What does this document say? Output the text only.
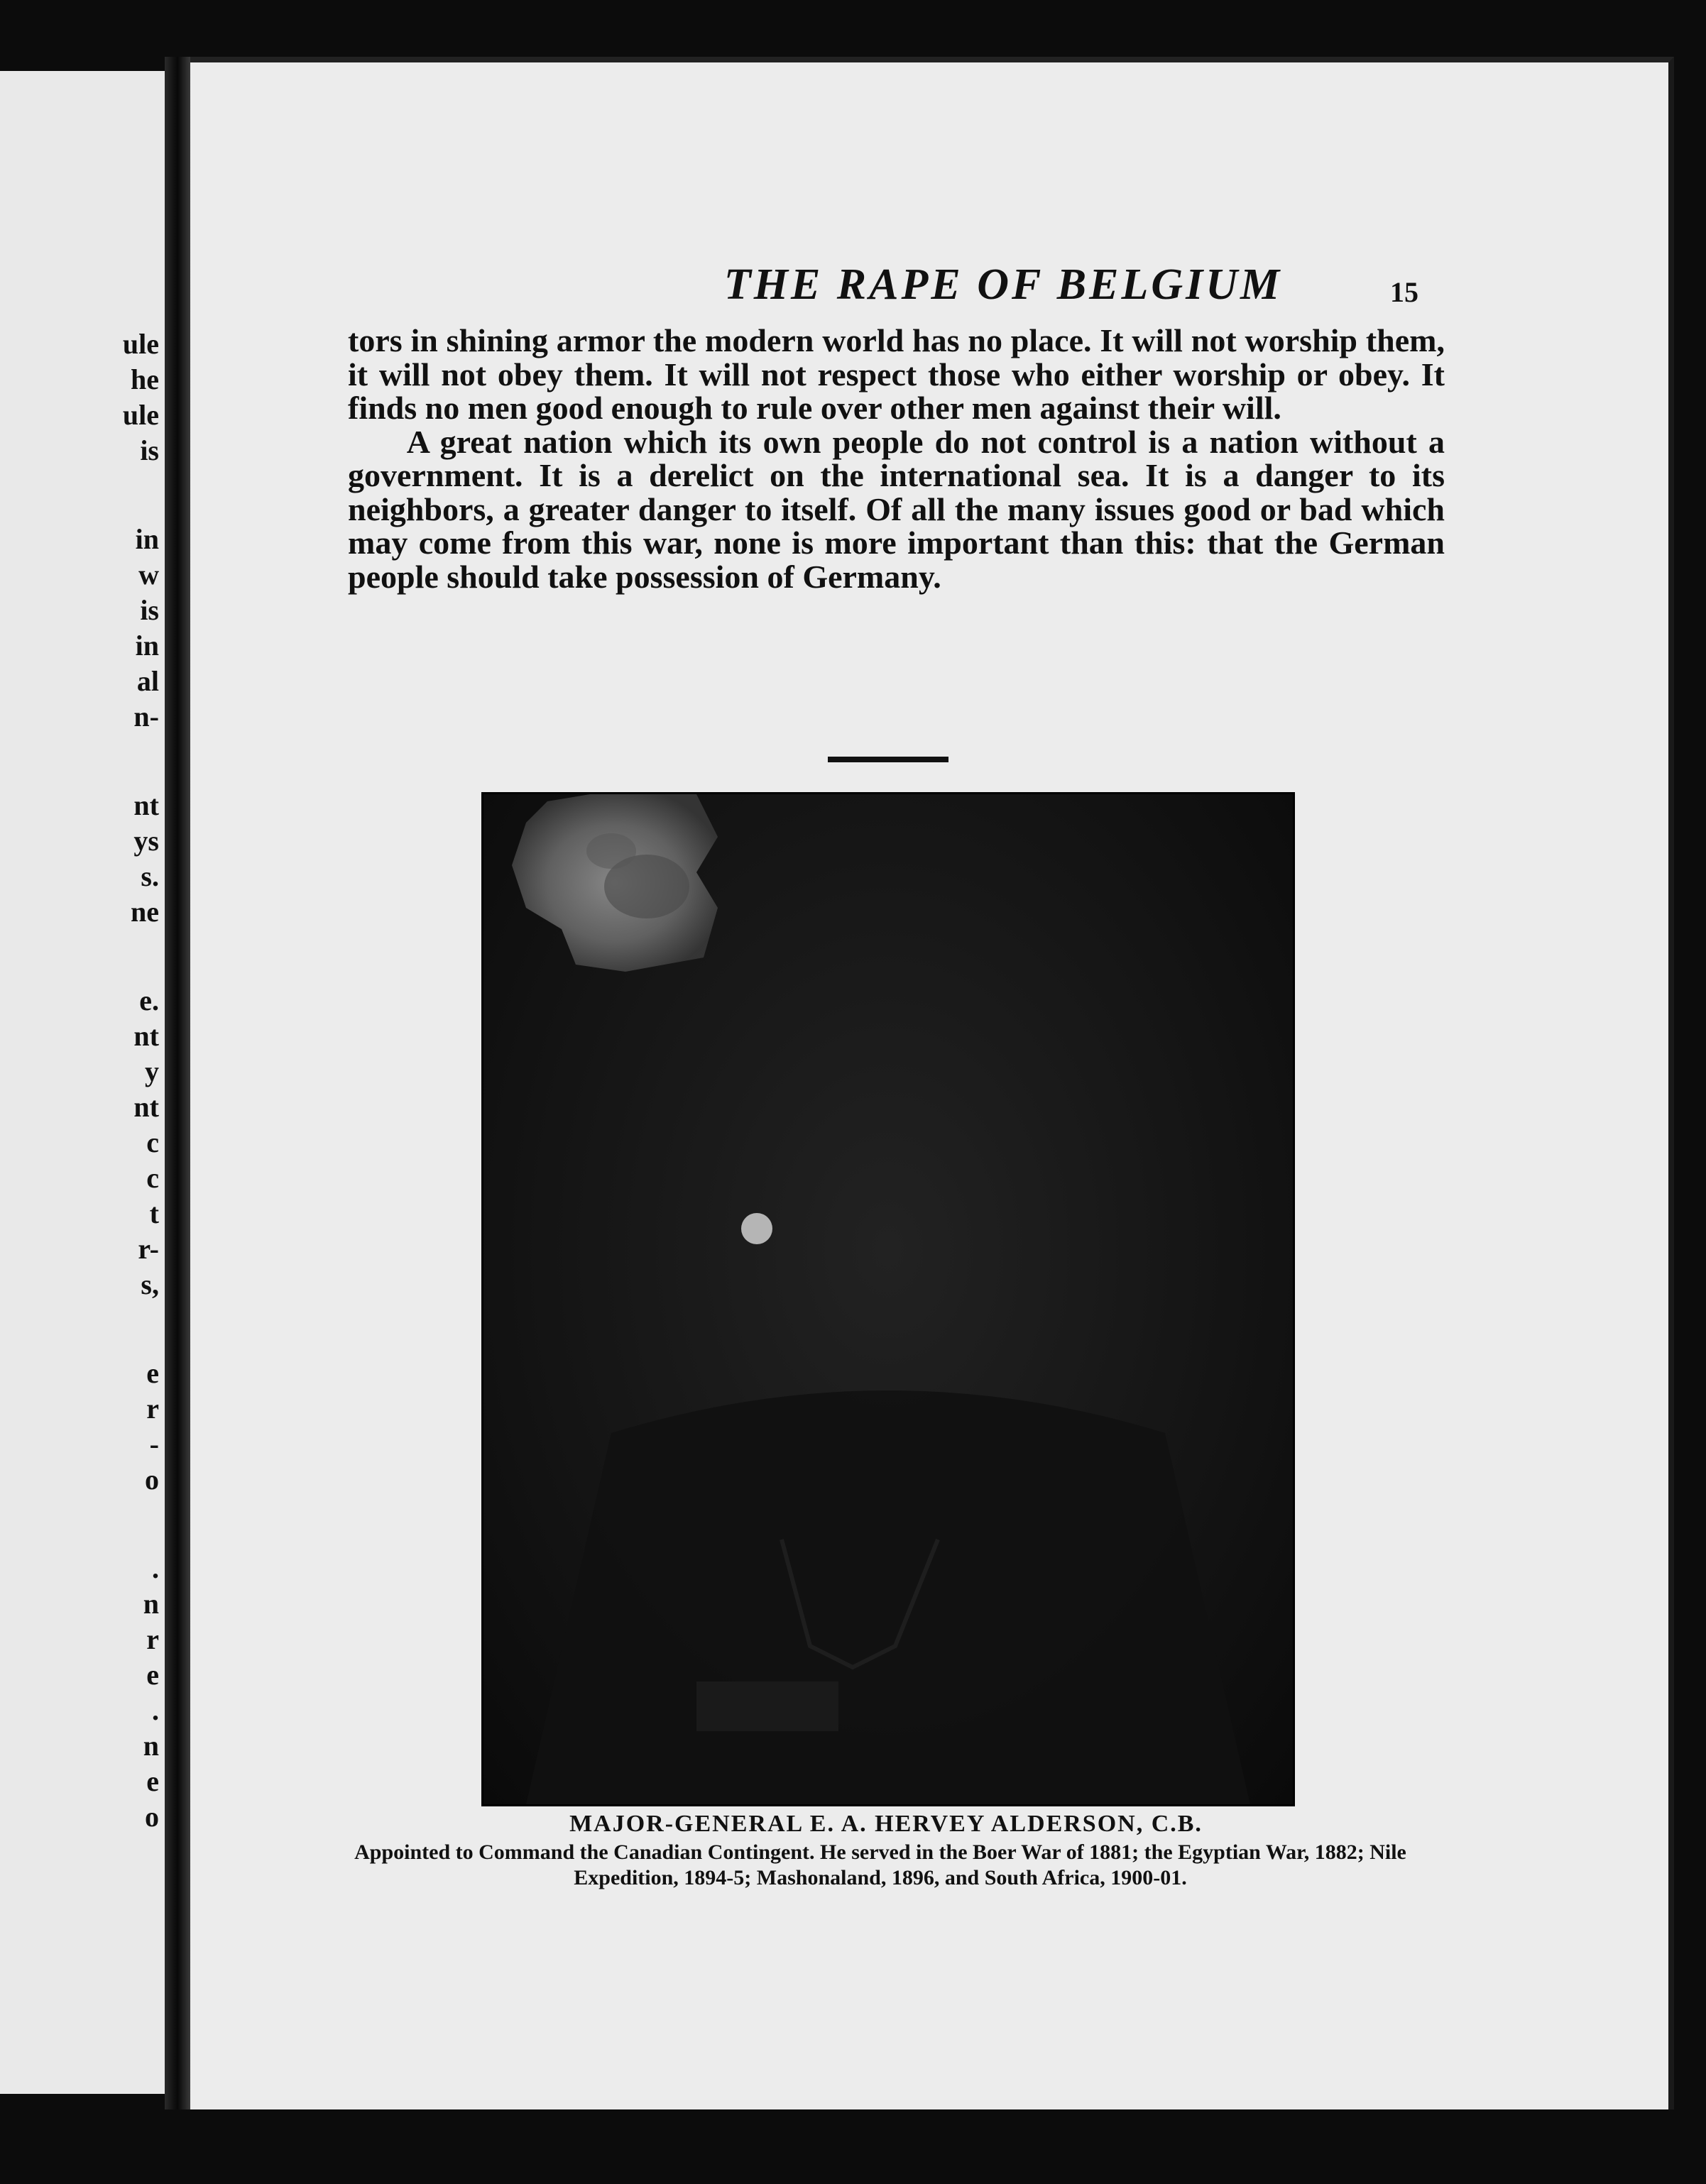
ule
he
ule
is
in
w
is
in
al
n-
nt
ys
s.
ne
e.
nt
y
nt
c
c
t
r-
s,
e
r
-
o
.
n
r
e
.
n
e
o
THE RAPE OF BELGIUM	15

tors in shining armor the modern world has no place. It will not worship them, it will not obey them. It will not respect those who either worship or obey. It finds no men good enough to rule over other men against their will.

A great nation which its own people do not control is a nation without a government. It is a derelict on the international sea. It is a danger to its neighbors, a greater danger to itself. Of all the many issues good or bad which may come from this war, none is more important than this: that the German people should take possession of Germany.

MAJOR-GENERAL E. A. HERVEY ALDERSON, C.B.
Appointed to Command the Canadian Contingent. He served in the Boer War of 1881; the Egyptian War, 1882; Nile Expedition, 1894-5; Mashonaland, 1896, and South Africa, 1900-01.
